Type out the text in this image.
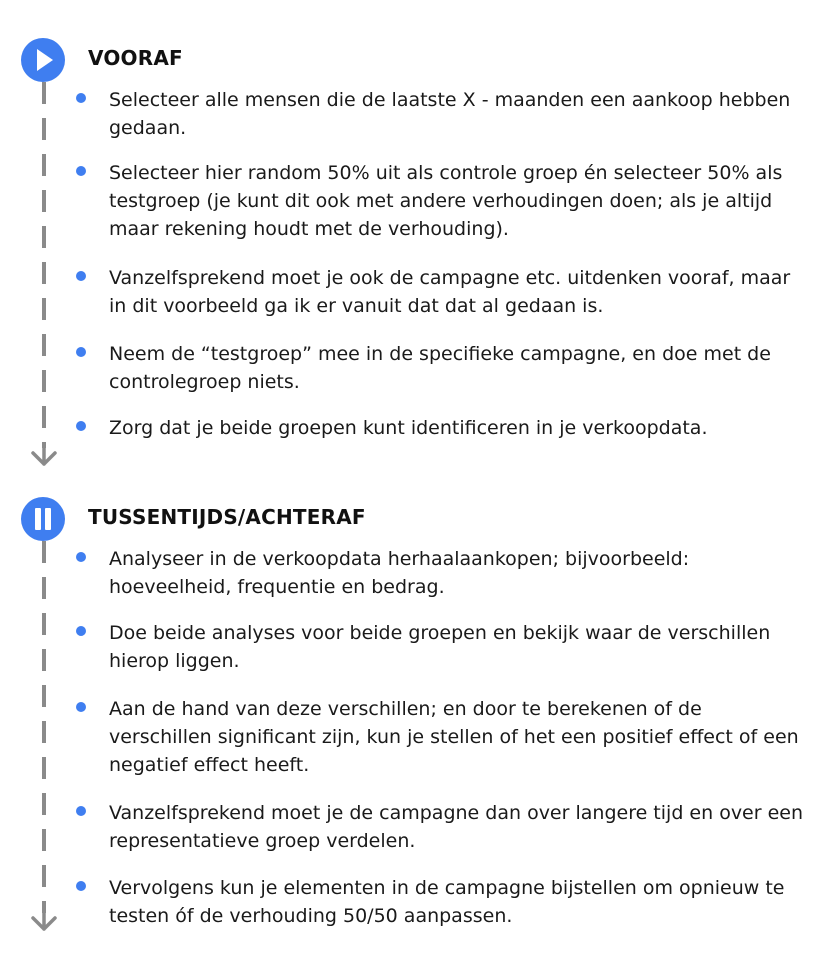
VOORAF
Selecteer alle mensen die de laatste X - maanden een aankoop hebben gedaan.
Selecteer hier random 50% uit als controle groep én selecteer 50% als testgroep (je kunt dit ook met andere verhoudingen doen; als je altijd maar rekening houdt met de verhouding).
Vanzelfsprekend moet je ook de campagne etc. uitdenken vooraf, maar in dit voorbeeld ga ik er vanuit dat dat al gedaan is.
Neem de “testgroep” mee in de specifieke campagne, en doe met de controlegroep niets.
Zorg dat je beide groepen kunt identificeren in je verkoopdata.
TUSSENTIJDS/ACHTERAF
Analyseer in de verkoopdata herhaalaankopen; bijvoorbeeld: hoeveelheid, frequentie en bedrag.
Doe beide analyses voor beide groepen en bekijk waar de verschillen hierop liggen.
Aan de hand van deze verschillen; en door te berekenen of de verschillen significant zijn, kun je stellen of het een positief effect of een negatief effect heeft.
Vanzelfsprekend moet je de campagne dan over langere tijd en over een representatieve groep verdelen.
Vervolgens kun je elementen in de campagne bijstellen om opnieuw te testen óf de verhouding 50/50 aanpassen.
